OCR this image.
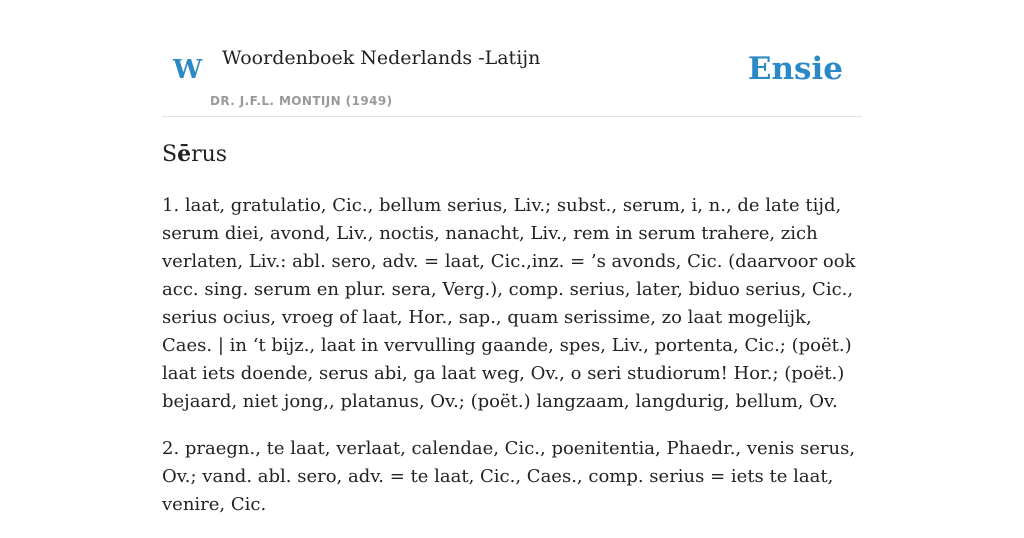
W Woordenboek Nederlands -Latijn
DR. J.F.L. MONTIJN (1949)
Ensie
Sērus

1. laat, gratulatio, Cic., bellum serius, Liv.; subst., serum, i, n., de late tijd, serum diei, avond, Liv., noctis, nanacht, Liv., rem in serum trahere, zich verlaten, Liv.: abl. sero, adv. = laat, Cic.,inz. = ’s avonds, Cic. (daarvoor ook acc. sing. serum en plur. sera, Verg.), comp. serius, later, biduo serius, Cic., serius ocius, vroeg of laat, Hor., sap., quam serissime, zo laat mogelijk, Caes. | in ‘t bijz., laat in vervulling gaande, spes, Liv., portenta, Cic.; (poët.) laat iets doende, serus abi, ga laat weg, Ov., o seri studiorum! Hor.; (poët.) bejaard, niet jong,, platanus, Ov.; (poët.) langzaam, langdurig, bellum, Ov.

2. praegn., te laat, verlaat, calendae, Cic., poenitentia, Phaedr., venis serus, Ov.; vand. abl. sero, adv. = te laat, Cic., Caes., comp. serius = iets te laat, venire, Cic.
